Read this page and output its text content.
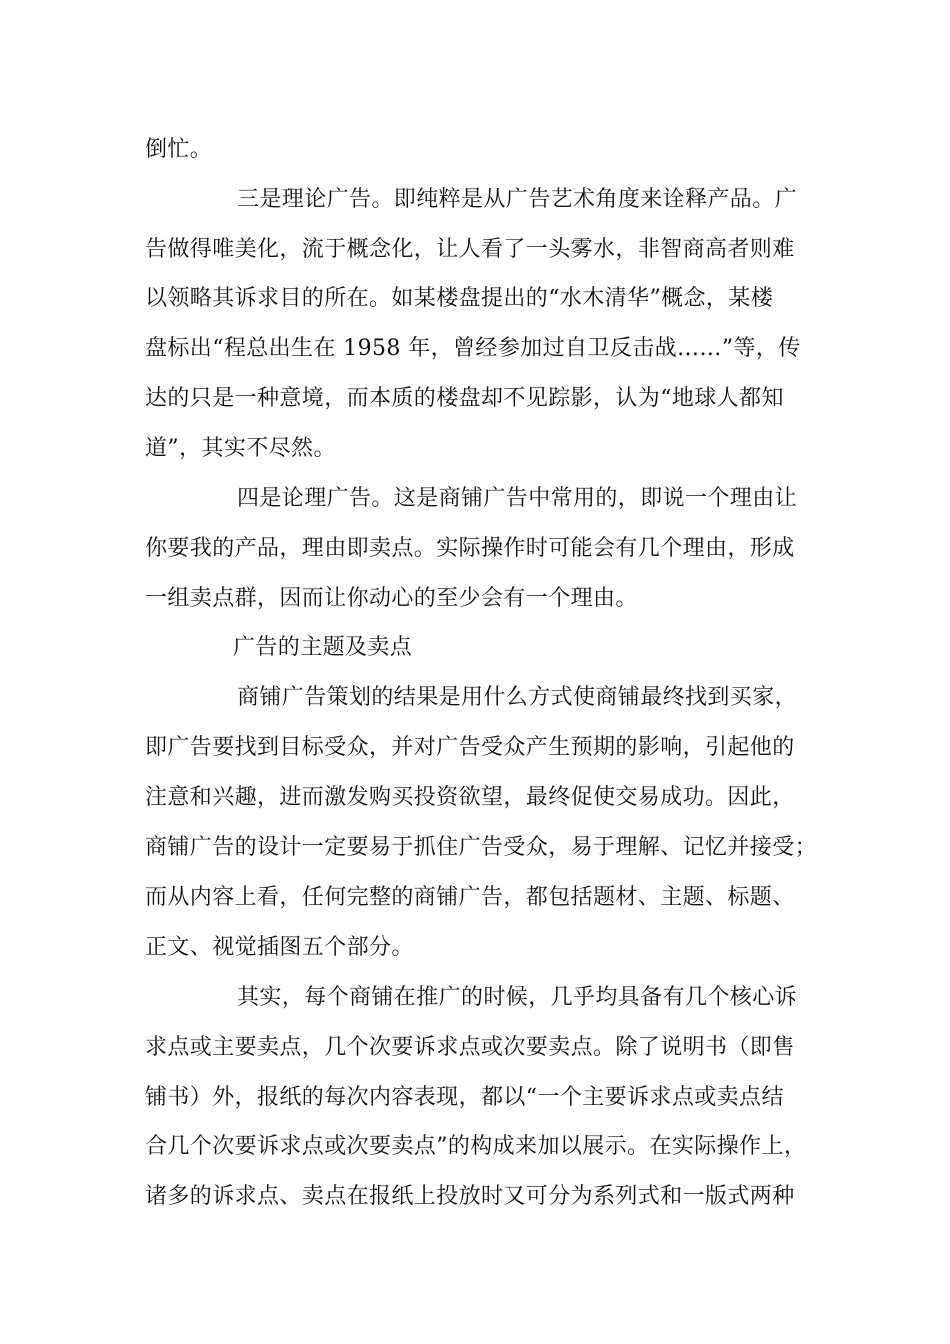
倒忙。
三是理论广告。即纯粹是从广告艺术角度来诠释产品。广
告做得唯美化，流于概念化，让人看了一头雾水，非智商高者则难
以领略其诉求目的所在。如某楼盘提出的“水木清华”概念，某楼
盘标出“程总出生在 1958 年，曾经参加过自卫反击战……”等，传
达的只是一种意境，而本质的楼盘却不见踪影，认为“地球人都知
道”，其实不尽然。
四是论理广告。这是商铺广告中常用的，即说一个理由让
你要我的产品，理由即卖点。实际操作时可能会有几个理由，形成
一组卖点群，因而让你动心的至少会有一个理由。
广告的主题及卖点
商铺广告策划的结果是用什么方式使商铺最终找到买家，
即广告要找到目标受众，并对广告受众产生预期的影响，引起他的
注意和兴趣，进而激发购买投资欲望，最终促使交易成功。因此，
商铺广告的设计一定要易于抓住广告受众，易于理解、记忆并接受；
而从内容上看，任何完整的商铺广告，都包括题材、主题、标题、
正文、视觉插图五个部分。
其实，每个商铺在推广的时候，几乎均具备有几个核心诉
求点或主要卖点，几个次要诉求点或次要卖点。除了说明书（即售
铺书）外，报纸的每次内容表现，都以“一个主要诉求点或卖点结
合几个次要诉求点或次要卖点”的构成来加以展示。在实际操作上，
诸多的诉求点、卖点在报纸上投放时又可分为系列式和一版式两种
